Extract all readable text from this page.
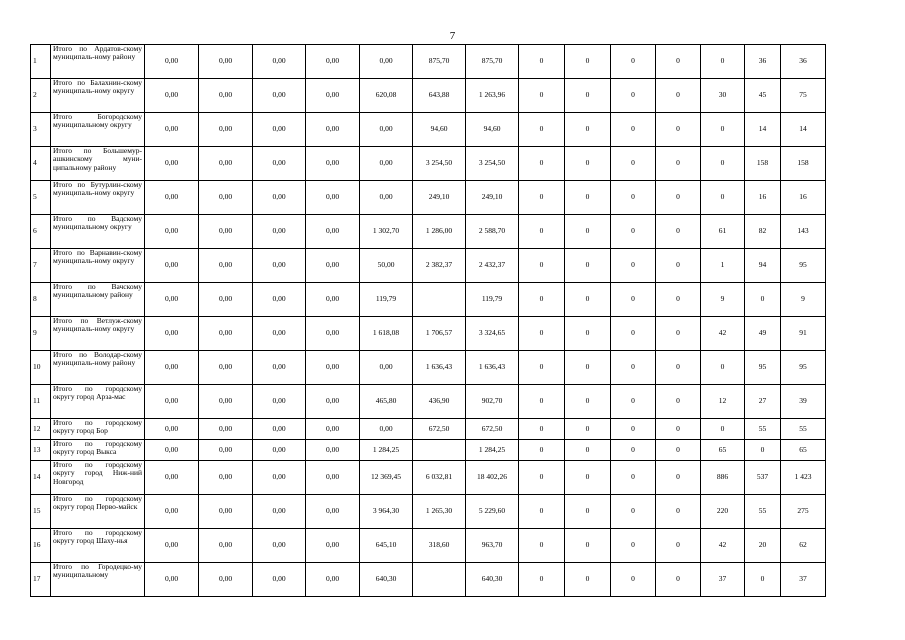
7
1	Итого по Ардатов-скому муниципаль-ному району	0,00	0,00	0,00	0,00	0,00	875,70	875,70	0	0	0	0	0	36	36
2	Итого по Балахнин-скому муниципаль-ному округу	0,00	0,00	0,00	0,00	620,08	643,88	1 263,96	0	0	0	0	30	45	75
3	Итого Богородскому муниципальному округу	0,00	0,00	0,00	0,00	0,00	94,60	94,60	0	0	0	0	0	14	14
4	Итого по Большемур-ашкинскому муни-ципальному району	0,00	0,00	0,00	0,00	0,00	3 254,50	3 254,50	0	0	0	0	0	158	158
5	Итого по Бутурлин-скому муниципаль-ному округу	0,00	0,00	0,00	0,00	0,00	249,10	249,10	0	0	0	0	0	16	16
6	Итого по Вадскому муниципальному округу	0,00	0,00	0,00	0,00	1 302,70	1 286,00	2 588,70	0	0	0	0	61	82	143
7	Итого по Варнавин-скому муниципаль-ному округу	0,00	0,00	0,00	0,00	50,00	2 382,37	2 432,37	0	0	0	0	1	94	95
8	Итого по Вачскому муниципальному району	0,00	0,00	0,00	0,00	119,79		119,79	0	0	0	0	9	0	9
9	Итого по Ветлуж-скому муниципаль-ному округу	0,00	0,00	0,00	0,00	1 618,08	1 706,57	3 324,65	0	0	0	0	42	49	91
10	Итого по Володар-скому муниципаль-ному району	0,00	0,00	0,00	0,00	0,00	1 636,43	1 636,43	0	0	0	0	0	95	95
11	Итого по городскому округу город Арза-мас	0,00	0,00	0,00	0,00	465,80	436,90	902,70	0	0	0	0	12	27	39
12	Итого по городскому округу город Бор	0,00	0,00	0,00	0,00	0,00	672,50	672,50	0	0	0	0	0	55	55
13	Итого по городскому округу город Выкса	0,00	0,00	0,00	0,00	1 284,25		1 284,25	0	0	0	0	65	0	65
14	Итого по городскому округу город Ниж-ний Новгород	0,00	0,00	0,00	0,00	12 369,45	6 032,81	18 402,26	0	0	0	0	886	537	1 423
15	Итого по городскому округу город Перво-майск	0,00	0,00	0,00	0,00	3 964,30	1 265,30	5 229,60	0	0	0	0	220	55	275
16	Итого по городскому округу город Шаху-нья	0,00	0,00	0,00	0,00	645,10	318,60	963,70	0	0	0	0	42	20	62
17	Итого по Городецко-му муниципальному	0,00	0,00	0,00	0,00	640,30		640,30	0	0	0	0	37	0	37
